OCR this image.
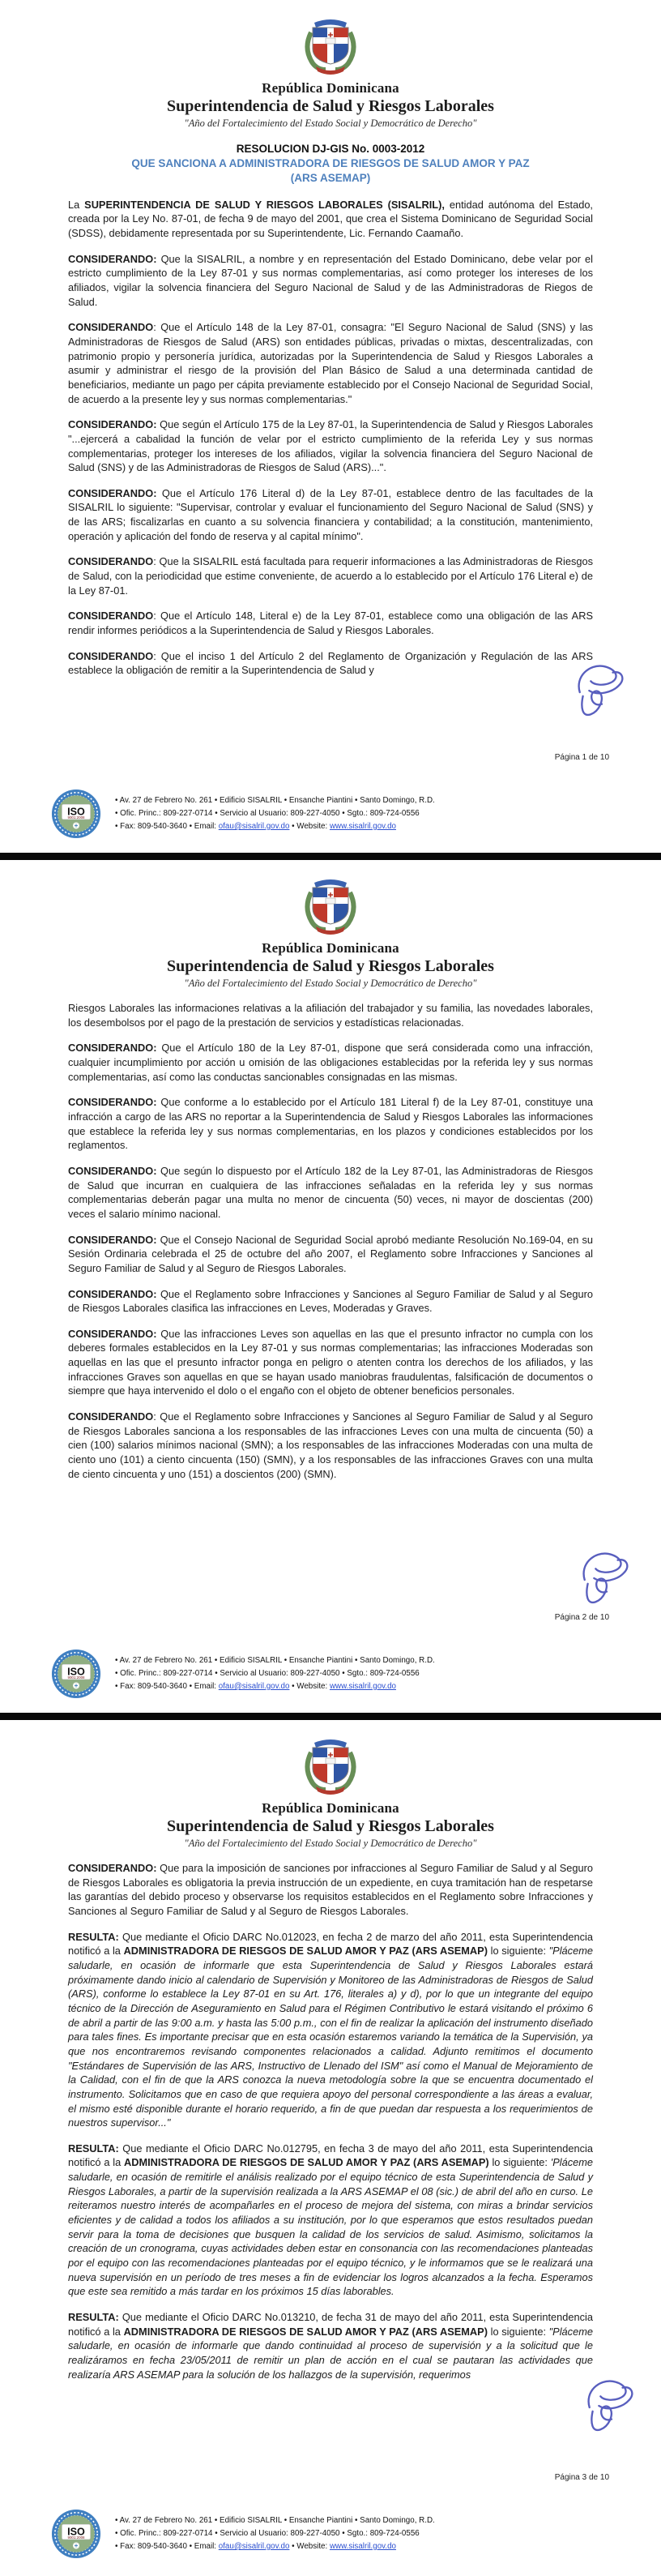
República Dominicana
Superintendencia de Salud y Riesgos Laborales
"Año del Fortalecimiento del Estado Social y Democrático de Derecho"
RESOLUCION DJ-GIS No. 0003-2012
QUE SANCIONA A ADMINISTRADORA DE RIESGOS DE SALUD AMOR Y PAZ
(ARS ASEMAP)

La SUPERINTENDENCIA DE SALUD Y RIESGOS LABORALES (SISALRIL), entidad autónoma del Estado, creada por la Ley No. 87-01, de fecha 9 de mayo del 2001, que crea el Sistema Dominicano de Seguridad Social (SDSS), debidamente representada por su Superintendente, Lic. Fernando Caamaño.

CONSIDERANDO: Que la SISALRIL, a nombre y en representación del Estado Dominicano, debe velar por el estricto cumplimiento de la Ley 87-01 y sus normas complementarias, así como proteger los intereses de los afiliados, vigilar la solvencia financiera del Seguro Nacional de Salud y de las Administradoras de Riegos de Salud.

CONSIDERANDO: Que el Artículo 148 de la Ley 87-01, consagra: "El Seguro Nacional de Salud (SNS) y las Administradoras de Riesgos de Salud (ARS) son entidades públicas, privadas o mixtas, descentralizadas, con patrimonio propio y personería jurídica, autorizadas por la Superintendencia de Salud y Riesgos Laborales a asumir y administrar el riesgo de la provisión del Plan Básico de Salud a una determinada cantidad de beneficiarios, mediante un pago per cápita previamente establecido por el Consejo Nacional de Seguridad Social, de acuerdo a la presente ley y sus normas complementarias."

CONSIDERANDO: Que según el Artículo 175 de la Ley 87-01, la Superintendencia de Salud y Riesgos Laborales "...ejercerá a cabalidad la función de velar por el estricto cumplimiento de la referida Ley y sus normas complementarias, proteger los intereses de los afiliados, vigilar la solvencia financiera del Seguro Nacional de Salud (SNS) y de las Administradoras de Riesgos de Salud (ARS)...".

CONSIDERANDO: Que el Artículo 176 Literal d) de la Ley 87-01, establece dentro de las facultades de la SISALRIL lo siguiente: "Supervisar, controlar y evaluar el funcionamiento del Seguro Nacional de Salud (SNS) y de las ARS; fiscalizarlas en cuanto a su solvencia financiera y contabilidad; a la constitución, mantenimiento, operación y aplicación del fondo de reserva y al capital mínimo".

CONSIDERANDO: Que la SISALRIL está facultada para requerir informaciones a las Administradoras de Riesgos de Salud, con la periodicidad que estime conveniente, de acuerdo a lo establecido por el Artículo 176 Literal e) de la Ley 87-01.

CONSIDERANDO: Que el Artículo 148, Literal e) de la Ley 87-01, establece como una obligación de las ARS rendir informes periódicos a la Superintendencia de Salud y Riesgos Laborales.

CONSIDERANDO: Que el inciso 1 del Artículo 2 del Reglamento de Organización y Regulación de las ARS establece la obligación de remitir a la Superintendencia de Salud y

Página 1 de 10
• Av. 27 de Febrero No. 261 • Edificio SISALRIL • Ensanche Piantini • Santo Domingo, R.D.
• Ofic. Princ.: 809-227-0714 • Servicio al Usuario: 809-227-4050 • Sgto.: 809-724-0556
• Fax: 809-540-3640 • Email: ofau@sisalril.gov.do • Website: www.sisalril.gov.do
República Dominicana
Superintendencia de Salud y Riesgos Laborales
"Año del Fortalecimiento del Estado Social y Democrático de Derecho"

Riesgos Laborales las informaciones relativas a la afiliación del trabajador y su familia, las novedades laborales, los desembolsos por el pago de la prestación de servicios y estadísticas relacionadas.

CONSIDERANDO: Que el Artículo 180 de la Ley 87-01, dispone que será considerada como una infracción, cualquier incumplimiento por acción u omisión de las obligaciones establecidas por la referida ley y sus normas complementarias, así como las conductas sancionables consignadas en las mismas.

CONSIDERANDO: Que conforme a lo establecido por el Artículo 181 Literal f) de la Ley 87-01, constituye una infracción a cargo de las ARS no reportar a la Superintendencia de Salud y Riesgos Laborales las informaciones que establece la referida ley y sus normas complementarias, en los plazos y condiciones establecidos por los reglamentos.

CONSIDERANDO: Que según lo dispuesto por el Artículo 182 de la Ley 87-01, las Administradoras de Riesgos de Salud que incurran en cualquiera de las infracciones señaladas en la referida ley y sus normas complementarias deberán pagar una multa no menor de cincuenta (50) veces, ni mayor de doscientas (200) veces el salario mínimo nacional.

CONSIDERANDO: Que el Consejo Nacional de Seguridad Social aprobó mediante Resolución No.169-04, en su Sesión Ordinaria celebrada el 25 de octubre del año 2007, el Reglamento sobre Infracciones y Sanciones al Seguro Familiar de Salud y al Seguro de Riesgos Laborales.

CONSIDERANDO: Que el Reglamento sobre Infracciones y Sanciones al Seguro Familiar de Salud y al Seguro de Riesgos Laborales clasifica las infracciones en Leves, Moderadas y Graves.

CONSIDERANDO: Que las infracciones Leves son aquellas en las que el presunto infractor no cumpla con los deberes formales establecidos en la Ley 87-01 y sus normas complementarias; las infracciones Moderadas son aquellas en las que el presunto infractor ponga en peligro o atenten contra los derechos de los afiliados, y las infracciones Graves son aquellas en que se hayan usado maniobras fraudulentas, falsificación de documentos o siempre que haya intervenido el dolo o el engaño con el objeto de obtener beneficios personales.

CONSIDERANDO: Que el Reglamento sobre Infracciones y Sanciones al Seguro Familiar de Salud y al Seguro de Riesgos Laborales sanciona a los responsables de las infracciones Leves con una multa de cincuenta (50) a cien (100) salarios mínimos nacional (SMN); a los responsables de las infracciones Moderadas con una multa de ciento uno (101) a ciento cincuenta (150) (SMN), y a los responsables de las infracciones Graves con una multa de ciento cincuenta y uno (151) a doscientos (200) (SMN).

Página 2 de 10
• Av. 27 de Febrero No. 261 • Edificio SISALRIL • Ensanche Piantini • Santo Domingo, R.D.
• Ofic. Princ.: 809-227-0714 • Servicio al Usuario: 809-227-4050 • Sgto.: 809-724-0556
• Fax: 809-540-3640 • Email: ofau@sisalril.gov.do • Website: www.sisalril.gov.do
República Dominicana
Superintendencia de Salud y Riesgos Laborales
"Año del Fortalecimiento del Estado Social y Democrático de Derecho"

CONSIDERANDO: Que para la imposición de sanciones por infracciones al Seguro Familiar de Salud y al Seguro de Riesgos Laborales es obligatoria la previa instrucción de un expediente, en cuya tramitación han de respetarse las garantías del debido proceso y observarse los requisitos establecidos en el Reglamento sobre Infracciones y Sanciones al Seguro Familiar de Salud y al Seguro de Riesgos Laborales.

RESULTA: Que mediante el Oficio DARC No.012023, en fecha 2 de marzo del año 2011, esta Superintendencia notificó a la ADMINISTRADORA DE RIESGOS DE SALUD AMOR Y PAZ (ARS ASEMAP) lo siguiente: "Pláceme saludarle, en ocasión de informarle que esta Superintendencia de Salud y Riesgos Laborales estará próximamente dando inicio al calendario de Supervisión y Monitoreo de las Administradoras de Riesgos de Salud (ARS), conforme lo establece la Ley 87-01 en su Art. 176, literales a) y d), por lo que un integrante del equipo técnico de la Dirección de Aseguramiento en Salud para el Régimen Contributivo le estará visitando el próximo 6 de abril a partir de las 9:00 a.m. y hasta las 5:00 p.m., con el fin de realizar la aplicación del instrumento diseñado para tales fines. Es importante precisar que en esta ocasión estaremos variando la temática de la Supervisión, ya que nos encontraremos revisando componentes relacionados a calidad. Adjunto remitimos el documento "Estándares de Supervisión de las ARS, Instructivo de Llenado del ISM" así como el Manual de Mejoramiento de la Calidad, con el fin de que la ARS conozca la nueva metodología sobre la que se encuentra documentado el instrumento. Solicitamos que en caso de que requiera apoyo del personal correspondiente a las áreas a evaluar, el mismo esté disponible durante el horario requerido, a fin de que puedan dar respuesta a los requerimientos de nuestros supervisor..."

RESULTA: Que mediante el Oficio DARC No.012795, en fecha 3 de mayo del año 2011, esta Superintendencia notificó a la ADMINISTRADORA DE RIESGOS DE SALUD AMOR Y PAZ (ARS ASEMAP) lo siguiente: 'Pláceme saludarle, en ocasión de remitirle el análisis realizado por el equipo técnico de esta Superintendencia de Salud y Riesgos Laborales, a partir de la supervisión realizada a la ARS ASEMAP el 08 (sic.) de abril del año en curso. Le reiteramos nuestro interés de acompañarles en el proceso de mejora del sistema, con miras a brindar servicios eficientes y de calidad a todos los afiliados a su institución, por lo que esperamos que estos resultados puedan servir para la toma de decisiones que busquen la calidad de los servicios de salud. Asimismo, solicitamos la creación de un cronograma, cuyas actividades deben estar en consonancia con las recomendaciones planteadas por el equipo con las recomendaciones planteadas por el equipo técnico, y le informamos que se le realizará una nueva supervisión en un período de tres meses a fin de evidenciar los logros alcanzados a la fecha. Esperamos que este sea remitido a más tardar en los próximos 15 días laborables.

RESULTA: Que mediante el Oficio DARC No.013210, de fecha 31 de mayo del año 2011, esta Superintendencia notificó a la ADMINISTRADORA DE RIESGOS DE SALUD AMOR Y PAZ (ARS ASEMAP) lo siguiente: "Pláceme saludarle, en ocasión de informarle que dando continuidad al proceso de supervisión y a la solicitud que le realizáramos en fecha 23/05/2011 de remitir un plan de acción en el cual se pautaran las actividades que realizaría ARS ASEMAP para la solución de los hallazgos de la supervisión, requerimos

Página 3 de 10
• Av. 27 de Febrero No. 261 • Edificio SISALRIL • Ensanche Piantini • Santo Domingo, R.D.
• Ofic. Princ.: 809-227-0714 • Servicio al Usuario: 809-227-4050 • Sgto.: 809-724-0556
• Fax: 809-540-3640 • Email: ofau@sisalril.gov.do • Website: www.sisalril.gov.do
